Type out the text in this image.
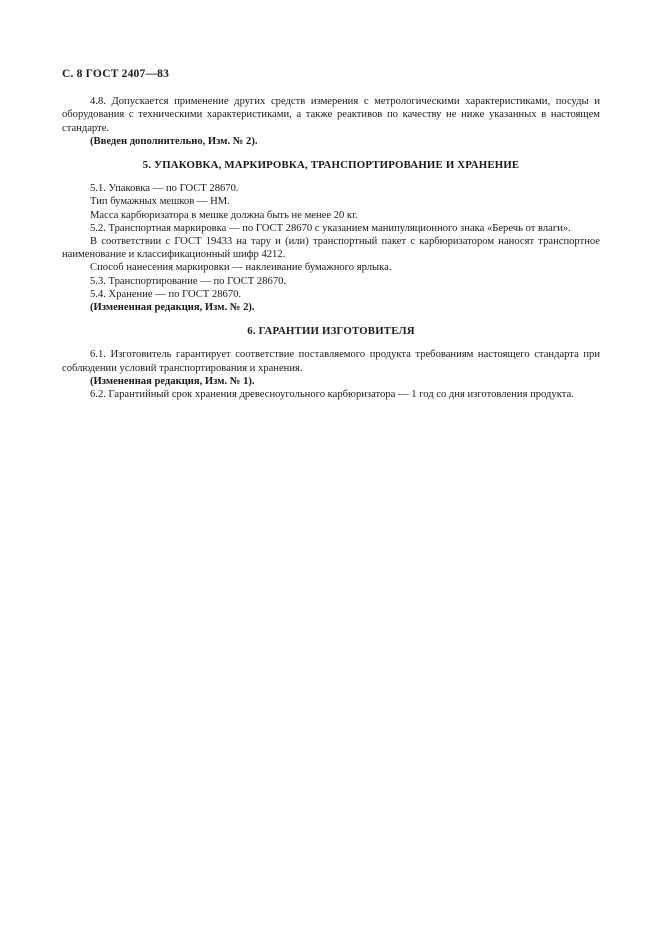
С. 8 ГОСТ 2407—83

4.8. Допускается применение других средств измерения с метрологическими характеристиками, посуды и оборудования с техническими характеристиками, а также реактивов по качеству не ниже указанных в настоящем стандарте.

(Введен дополнительно, Изм. № 2).

5. УПАКОВКА, МАРКИРОВКА, ТРАНСПОРТИРОВАНИЕ И ХРАНЕНИЕ

5.1. Упаковка — по ГОСТ 28670.

Тип бумажных мешков — НМ.

Масса карбюризатора в мешке должна быть не менее 20 кг.

5.2. Транспортная маркировка — по ГОСТ 28670 с указанием манипуляционного знака «Беречь от влаги».

В соответствии с ГОСТ 19433 на тару и (или) транспортный пакет с карбюризатором наносят транспортное наименование и классификационный шифр 4212.

Способ нанесения маркировки — наклеивание бумажного ярлыка.

5.3. Транспортирование — по ГОСТ 28670.

5.4. Хранение — по ГОСТ 28670.

(Измененная редакция, Изм. № 2).

6. ГАРАНТИИ ИЗГОТОВИТЕЛЯ

6.1. Изготовитель гарантирует соответствие поставляемого продукта требованиям настоящего стандарта при соблюдении условий транспортирования и хранения.

(Измененная редакция, Изм. № 1).

6.2. Гарантийный срок хранения древесноугольного карбюризатора — 1 год со дня изготовления продукта.
